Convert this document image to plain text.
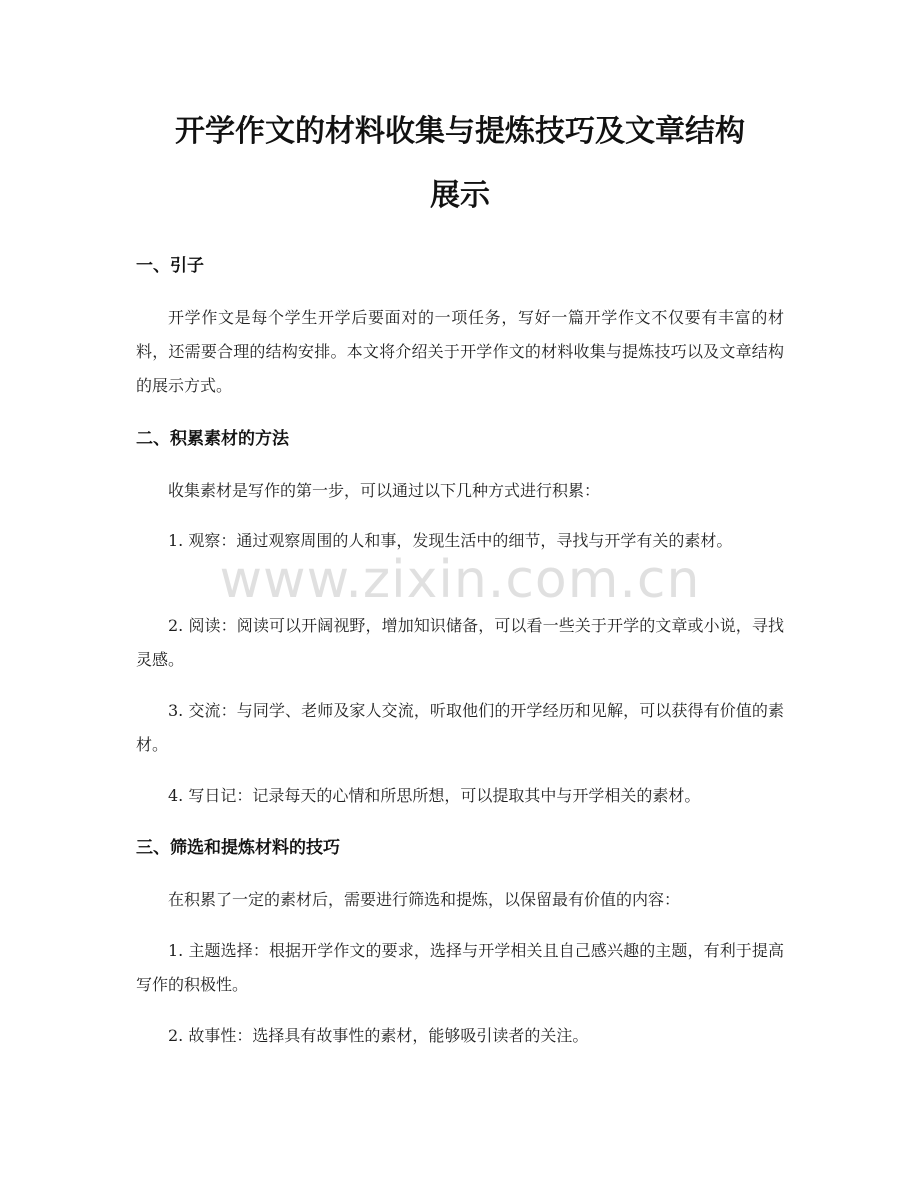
开学作文的材料收集与提炼技巧及文章结构
展示
一、引子

开学作文是每个学生开学后要面对的一项任务，写好一篇开学作文不仅要有丰富的材料，还需要合理的结构安排。本文将介绍关于开学作文的材料收集与提炼技巧以及文章结构的展示方式。

二、积累素材的方法

收集素材是写作的第一步，可以通过以下几种方式进行积累：

1. 观察：通过观察周围的人和事，发现生活中的细节，寻找与开学有关的素材。

2. 阅读：阅读可以开阔视野，增加知识储备，可以看一些关于开学的文章或小说，寻找灵感。

3. 交流：与同学、老师及家人交流，听取他们的开学经历和见解，可以获得有价值的素材。

4. 写日记：记录每天的心情和所思所想，可以提取其中与开学相关的素材。

三、筛选和提炼材料的技巧

在积累了一定的素材后，需要进行筛选和提炼，以保留最有价值的内容：

1. 主题选择：根据开学作文的要求，选择与开学相关且自己感兴趣的主题，有利于提高写作的积极性。

2. 故事性：选择具有故事性的素材，能够吸引读者的关注。

www.zixin.com.cn
